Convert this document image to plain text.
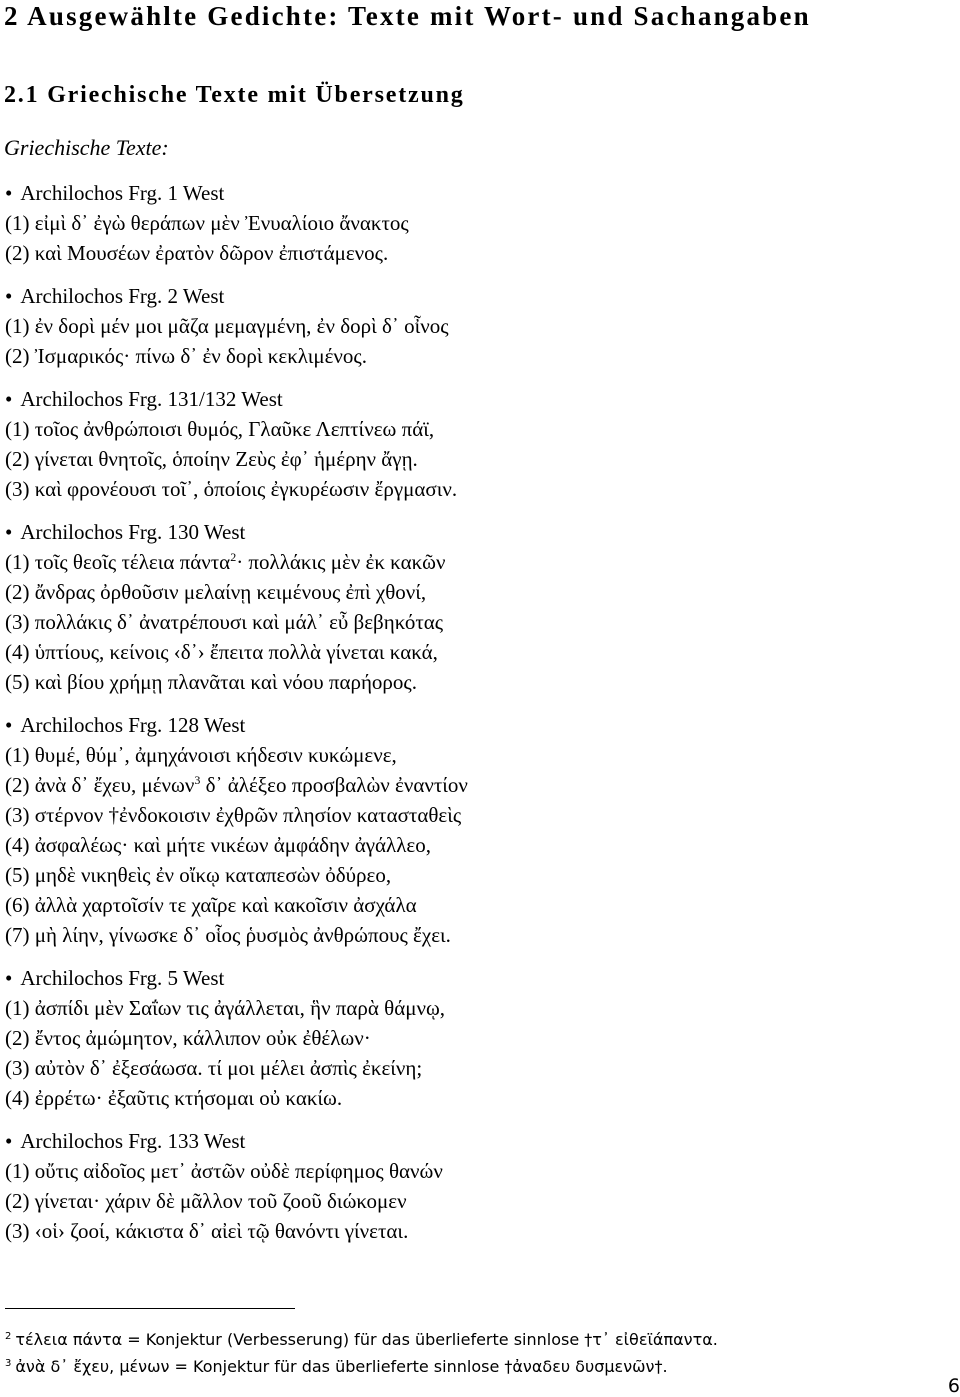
2 Ausgewählte Gedichte: Texte mit Wort- und Sachangaben
2.1 Griechische Texte mit Übersetzung
Griechische Texte:
• Archilochos Frg. 1 West
(1) εἰμὶ δ᾽ ἐγὼ θεράπων μὲν Ἐνυαλίοιο ἄνακτος
(2) καὶ Μουσέων ἐρατὸν δῶρον ἐπιστάμενος.
• Archilochos Frg. 2 West
(1) ἐν δορὶ μέν μοι μᾶζα μεμαγμένη, ἐν δορὶ δ᾽ οἶνος
(2) Ἰσμαρικός· πίνω δ᾽ ἐν δορὶ κεκλιμένος.
• Archilochos Frg. 131/132 West
(1) τοῖος ἀνθρώποισι θυμός, Γλαῦκε Λεπτίνεω πάϊ,
(2) γίνεται θνητοῖς, ὁποίην Ζεὺς ἐφ᾽ ἡμέρην ἄγῃ.
(3) καὶ φρονέουσι τοῖ᾽, ὁποίοις ἐγκυρέωσιν ἔργμασιν.
• Archilochos Frg. 130 West
(1) τοῖς θεοῖς τέλεια πάντα$^2$· πολλάκις μὲν ἐκ κακῶν
(2) ἄνδρας ὀρθοῦσιν μελαίνῃ κειμένους ἐπὶ χθονί,
(3) πολλάκις δ᾽ ἀνατρέπουσι καὶ μάλ᾽ εὖ βεβηκότας
(4) ὑπτίους, κείνοις ‹δ᾽› ἔπειτα πολλὰ γίνεται κακά,
(5) καὶ βίου χρήμῃ πλανᾶται καὶ νόου παρήορος.
• Archilochos Frg. 128 West
(1) θυμέ, θύμ᾽, ἀμηχάνοισι κήδεσιν κυκώμενε,
(2) ἀνὰ δ᾽ ἔχευ, μένων$^3$ δ᾽ ἀλέξεο προσβαλὼν ἐναντίον
(3) στέρνον †ἐνδοκοισιν ἐχθρῶν πλησίον κατασταθεὶς
(4) ἀσφαλέως· καὶ μήτε νικέων ἀμφάδην ἀγάλλεο,
(5) μηδὲ νικηθεὶς ἐν οἴκῳ καταπεσὼν ὀδύρεο,
(6) ἀλλὰ χαρτοῖσίν τε χαῖρε καὶ κακοῖσιν ἀσχάλα
(7) μὴ λίην, γίνωσκε δ᾽ οἷος ῥυσμὸς ἀνθρώπους ἔχει.
• Archilochos Frg. 5 West
(1) ἀσπίδι μὲν Σαΐων τις ἀγάλλεται, ἣν παρὰ θάμνῳ,
(2) ἔντος ἀμώμητον, κάλλιπον οὐκ ἐθέλων·
(3) αὐτὸν δ᾽ ἐξεσάωσα. τί μοι μέλει ἀσπὶς ἐκείνη;
(4) ἐρρέτω· ἐξαῦτις κτήσομαι οὐ κακίω.
• Archilochos Frg. 133 West
(1) οὔτις αἰδοῖος μετ᾽ ἀστῶν οὐδὲ περίφημος θανών
(2) γίνεται· χάριν δὲ μᾶλλον τοῦ ζοοῦ διώκομεν
(3) ‹οἱ› ζοοί, κάκιστα δ᾽ αἰεὶ τῷ θανόντι γίνεται.
$^2$ τέλεια πάντα = Konjektur (Verbesserung) für das überlieferte sinnlose †τ᾽ εἰθεϊάπαντα.
$^3$ ἀνὰ δ᾽ ἔχευ, μένων = Konjektur für das überlieferte sinnlose †ἀναδευ δυσμενῶν†.
6
